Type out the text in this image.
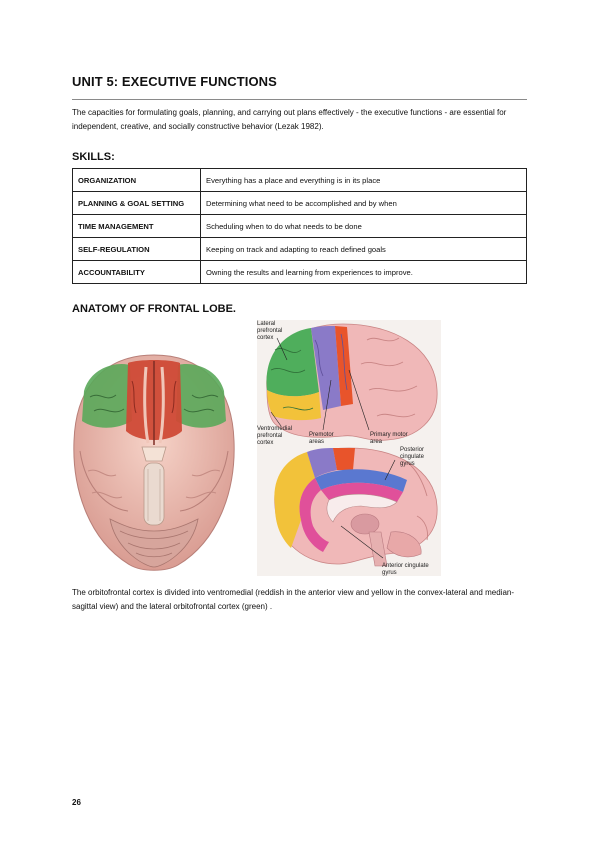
UNIT 5: EXECUTIVE FUNCTIONS
The capacities for formulating goals, planning, and carrying out plans effectively - the executive functions - are essential for independent, creative, and socially constructive behavior (Lezak 1982).
SKILLS:
ORGANIZATION	Everything has a place and everything is in its place
PLANNING & GOAL SETTING	Determining what need to be accomplished and by when
TIME MANAGEMENT	Scheduling when to do what needs to be done
SELF-REGULATION	Keeping on track and adapting to reach defined goals
ACCOUNTABILITY	Owning the results and learning from experiences to improve.
ANATOMY OF FRONTAL LOBE.
Lateral
prefrontal
cortex
Ventromedial
prefrontal
cortex
Premotor
areas
Primary motor
area
Posterior
cingulate
gyrus
Anterior cingulate
gyrus
The orbitofrontal cortex is divided into ventromedial (reddish in the anterior view and yellow in the convex-lateral and median-sagittal view) and the lateral orbitofrontal cortex (green) .
26
